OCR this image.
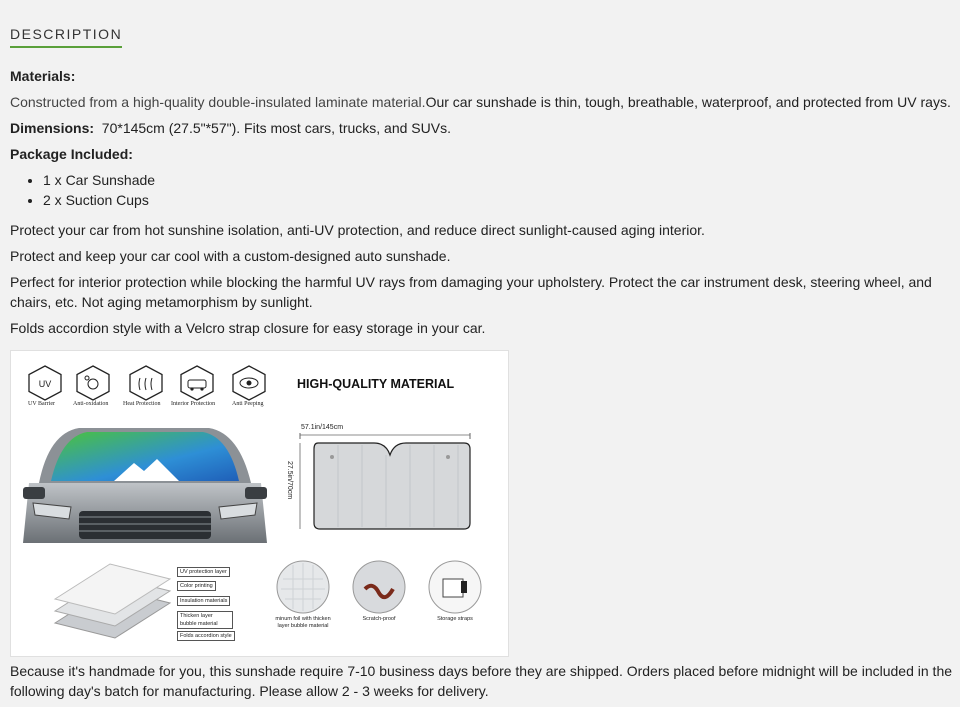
DESCRIPTION
Materials:
Constructed from a high-quality double-insulated laminate material.Our car sunshade is thin, tough, breathable, waterproof, and protected from UV rays.
Dimensions: 70*145cm (27.5"*57"). Fits most cars, trucks, and SUVs.
Package Included:
• 1 x Car Sunshade
• 2 x Suction Cups
Protect your car from hot sunshine isolation, anti-UV protection, and reduce direct sunlight-caused aging interior.
Protect and keep your car cool with a custom-designed auto sunshade.
Perfect for interior protection while blocking the harmful UV rays from damaging your upholstery. Protect the car instrument desk, steering wheel, and chairs, etc. Not aging metamorphism by sunlight.
Folds accordion style with a Velcro strap closure for easy storage in your car.
UV
UV Barrier	Anti-oxidation Heat Protection Interior Protection	Anti Peeping
HIGH-QUALITY MATERIAL
57.1in/145cm
27.5in/70cm
UV protection layer
Color printing
Insulation materials
Thicken layer bubble material
Folds accordion style
minum foil with thicken layer bubble material
Scratch-proof	Storage straps
Because it's handmade for you, this sunshade require 7-10 business days before they are shipped. Orders placed before midnight will be included in the following day's batch for manufacturing. Please allow 2 - 3 weeks for delivery.
